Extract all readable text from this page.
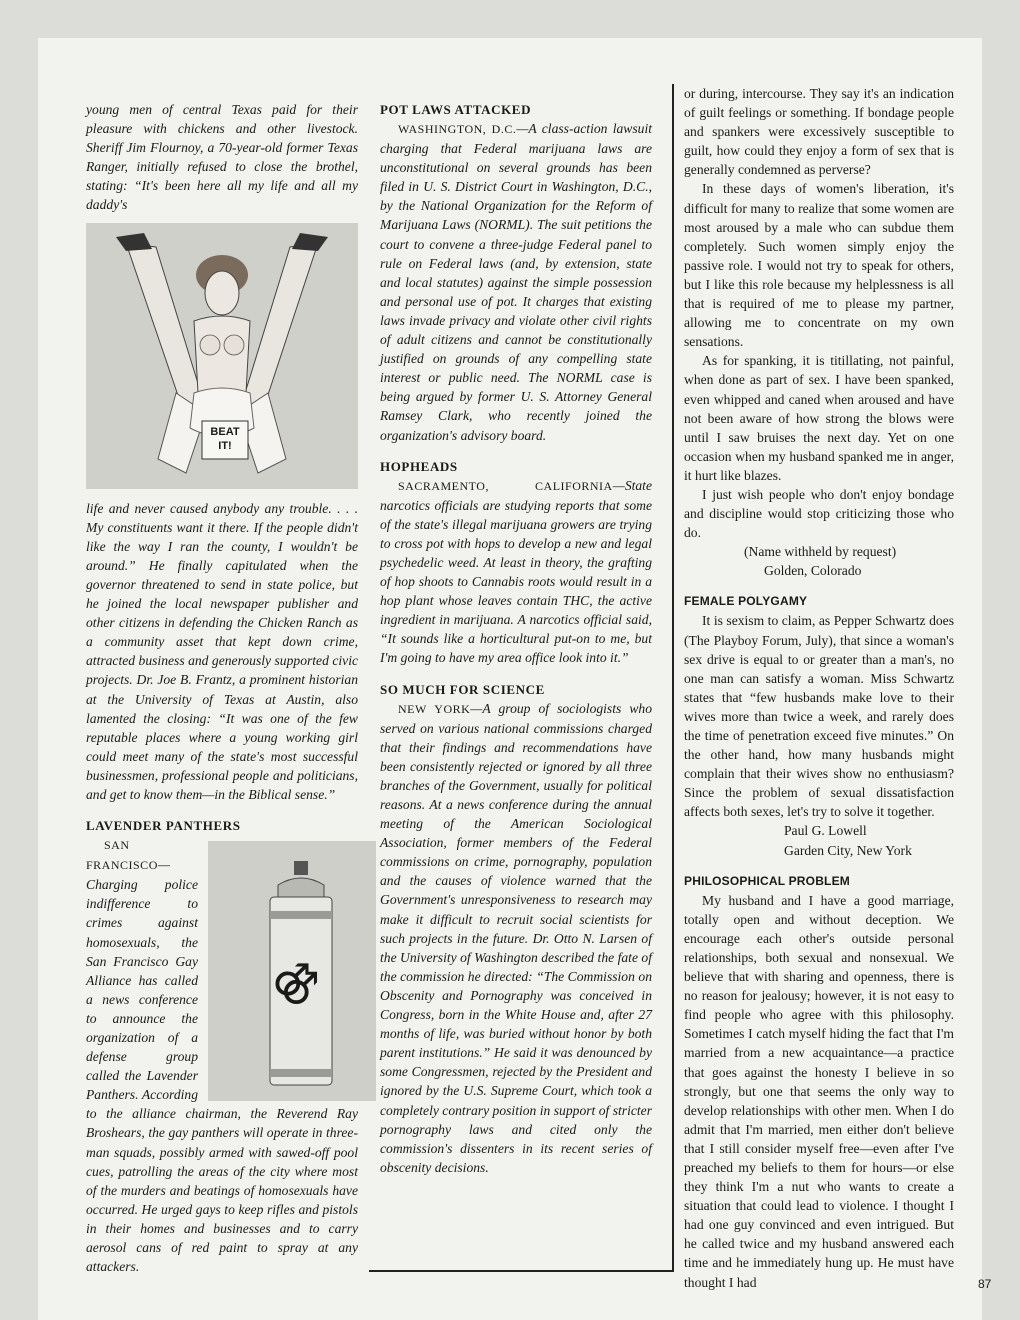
young men of central Texas paid for their pleasure with chickens and other livestock. Sheriff Jim Flournoy, a 70-year-old former Texas Ranger, initially refused to close the brothel, stating: “It's been here all my life and all my daddy's

BEAT IT!

life and never caused anybody any trouble. . . . My constituents want it there. If the people didn't like the way I ran the county, I wouldn't be around.” He finally capitulated when the governor threatened to send in state police, but he joined the local newspaper publisher and other citizens in defending the Chicken Ranch as a community asset that kept down crime, attracted business and generously supported civic projects. Dr. Joe B. Frantz, a prominent historian at the University of Texas at Austin, also lamented the closing: “It was one of the few reputable places where a young working girl could meet many of the state's most successful businessmen, professional people and politicians, and get to know them—in the Biblical sense.”

LAVENDER PANTHERS

⚣
SAN FRANCISCO—Charging police indifference to crimes against homosexuals, the San Francisco Gay Alliance has called a news conference to announce the organization of a defense group called the Lavender Panthers. According to the alliance chairman, the Reverend Ray Broshears, the gay panthers will operate in three-man squads, possibly armed with sawed-off pool cues, patrolling the areas of the city where most of the murders and beatings of homosexuals have occurred. He urged gays to keep rifles and pistols in their homes and businesses and to carry aerosol cans of red paint to spray at any attackers.

POT LAWS ATTACKED

WASHINGTON, D.C.—A class-action lawsuit charging that Federal marijuana laws are unconstitutional on several grounds has been filed in U. S. District Court in Washington, D.C., by the National Organization for the Reform of Marijuana Laws (NORML). The suit petitions the court to convene a three-judge Federal panel to rule on Federal laws (and, by extension, state and local statutes) against the simple possession and personal use of pot. It charges that existing laws invade privacy and violate other civil rights of adult citizens and cannot be constitutionally justified on grounds of any compelling state interest or public need. The NORML case is being argued by former U. S. Attorney General Ramsey Clark, who recently joined the organization's advisory board.

HOPHEADS

SACRAMENTO, CALIFORNIA—State narcotics officials are studying reports that some of the state's illegal marijuana growers are trying to cross pot with hops to develop a new and legal psychedelic weed. At least in theory, the grafting of hop shoots to Cannabis roots would result in a hop plant whose leaves contain THC, the active ingredient in marijuana. A narcotics official said, “It sounds like a horticultural put-on to me, but I'm going to have my area office look into it.”

SO MUCH FOR SCIENCE

NEW YORK—A group of sociologists who served on various national commissions charged that their findings and recommendations have been consistently rejected or ignored by all three branches of the Government, usually for political reasons. At a news conference during the annual meeting of the American Sociological Association, former members of the Federal commissions on crime, pornography, population and the causes of violence warned that the Government's unresponsiveness to research may make it difficult to recruit social scientists for such projects in the future. Dr. Otto N. Larsen of the University of Washington described the fate of the commission he directed: “The Commission on Obscenity and Pornography was conceived in Congress, born in the White House and, after 27 months of life, was buried without honor by both parent institutions.” He said it was denounced by some Congressmen, rejected by the President and ignored by the U.S. Supreme Court, which took a completely contrary position in support of stricter pornography laws and cited only the commission's dissenters in its recent series of obscenity decisions.

or during, intercourse. They say it's an indication of guilt feelings or something. If bondage people and spankers were excessively susceptible to guilt, how could they enjoy a form of sex that is generally condemned as perverse?

In these days of women's liberation, it's difficult for many to realize that some women are most aroused by a male who can subdue them completely. Such women simply enjoy the passive role. I would not try to speak for others, but I like this role because my helplessness is all that is required of me to please my partner, allowing me to concentrate on my own sensations.

As for spanking, it is titillating, not painful, when done as part of sex. I have been spanked, even whipped and caned when aroused and have not been aware of how strong the blows were until I saw bruises the next day. Yet on one occasion when my husband spanked me in anger, it hurt like blazes.

I just wish people who don't enjoy bondage and discipline would stop criticizing those who do.

(Name withheld by request)
Golden, Colorado
FEMALE POLYGAMY

It is sexism to claim, as Pepper Schwartz does (The Playboy Forum, July), that since a woman's sex drive is equal to or greater than a man's, no one man can satisfy a woman. Miss Schwartz states that “few husbands make love to their wives more than twice a week, and rarely does the time of penetration exceed five minutes.” On the other hand, how many husbands might complain that their wives show no enthusiasm? Since the problem of sexual dissatisfaction affects both sexes, let's try to solve it together.

Paul G. Lowell
Garden City, New York
PHILOSOPHICAL PROBLEM

My husband and I have a good marriage, totally open and without deception. We encourage each other's outside personal relationships, both sexual and nonsexual. We believe that with sharing and openness, there is no reason for jealousy; however, it is not easy to find people who agree with this philosophy. Sometimes I catch myself hiding the fact that I'm married from a new acquaintance—a practice that goes against the honesty I believe in so strongly, but one that seems the only way to develop relationships with other men. When I do admit that I'm married, men either don't believe that I still consider myself free—even after I've preached my beliefs to them for hours—or else they think I'm a nut who wants to create a situation that could lead to violence. I thought I had one guy convinced and even intrigued. But he called twice and my husband answered each time and he immediately hung up. He must have thought I had	87
